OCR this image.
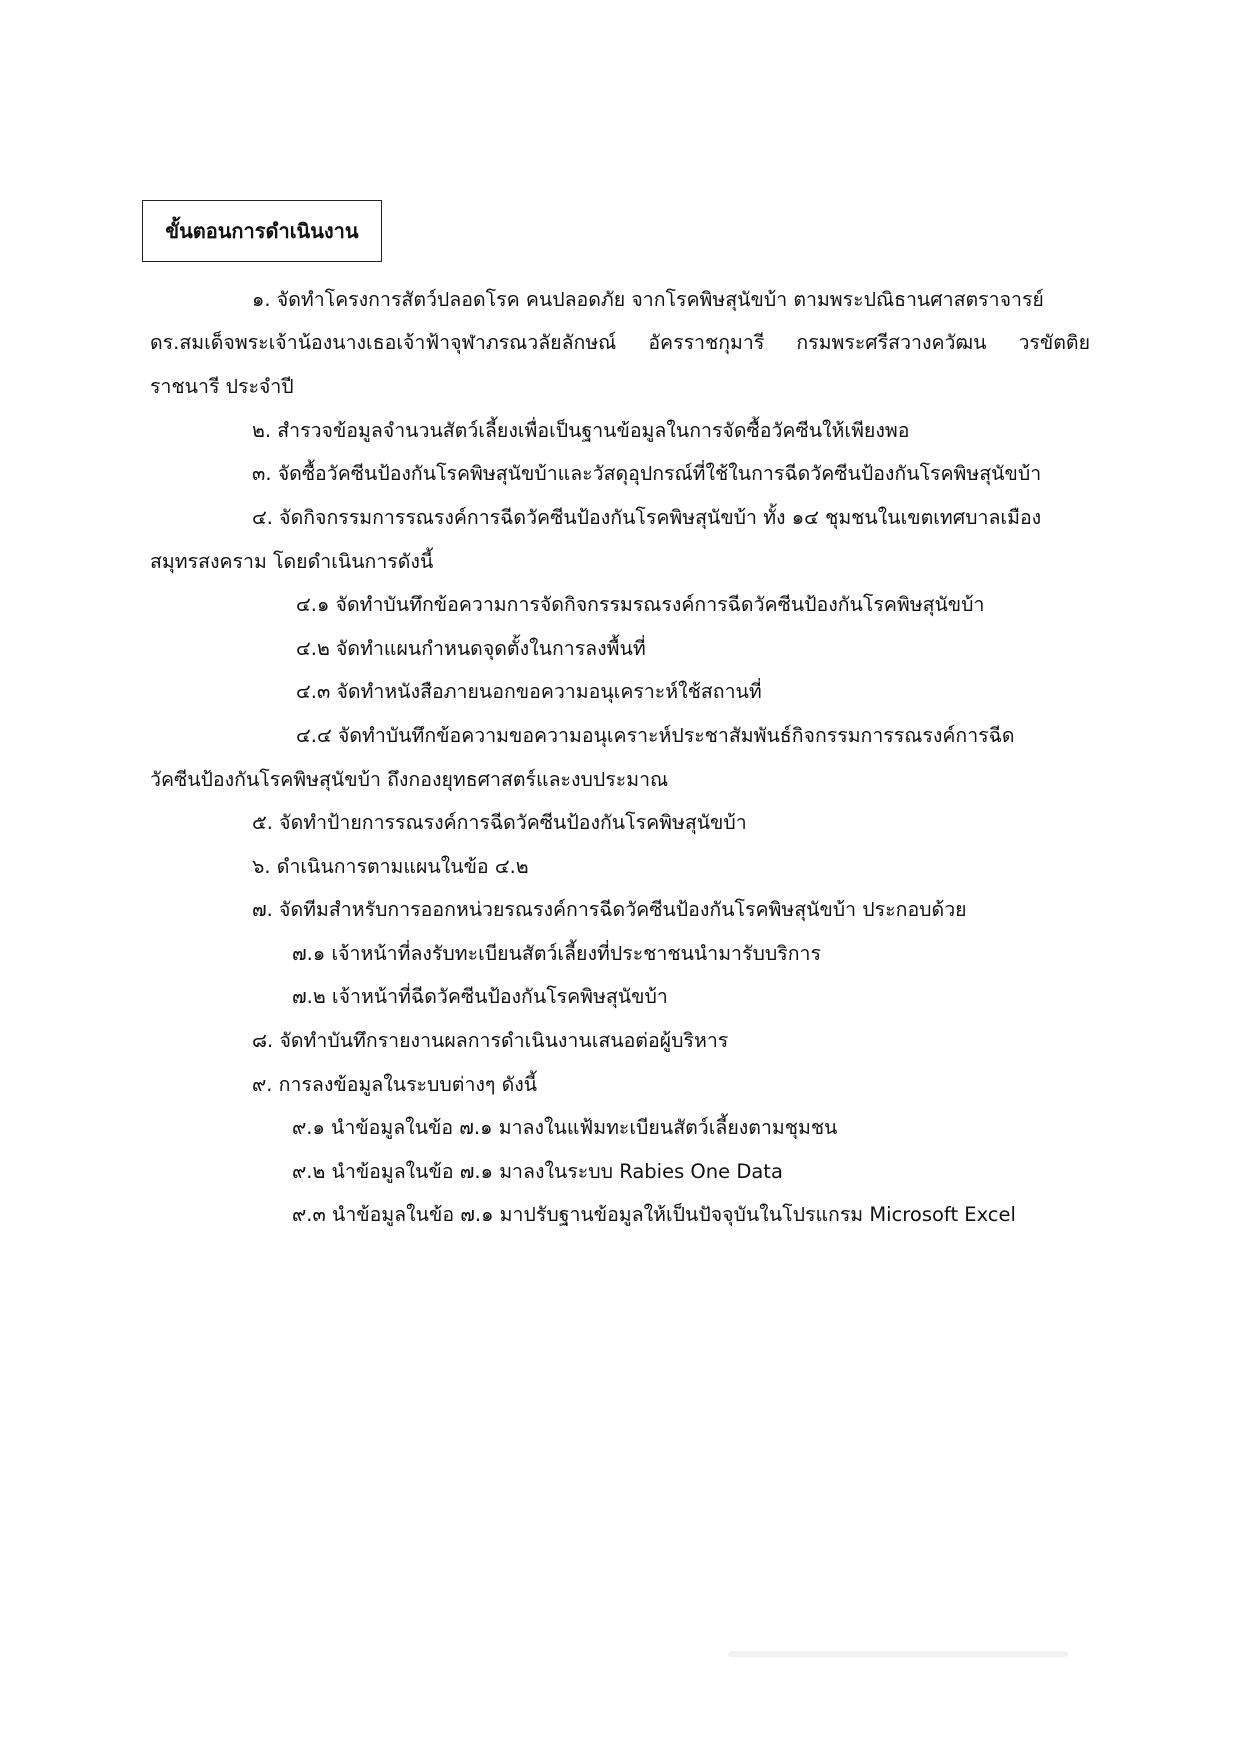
ขั้นตอนการดำเนินงาน
๑. จัดทำโครงการสัตว์ปลอดโรค คนปลอดภัย จากโรคพิษสุนัขบ้า ตามพระปณิธานศาสตราจารย์
ดร.สมเด็จพระเจ้าน้องนางเธอเจ้าฟ้าจุฬาภรณวลัยลักษณ์ อัครราชกุมารี กรมพระศรีสวางควัฒน วรขัตติย
ราชนารี ประจำปี
๒. สำรวจข้อมูลจำนวนสัตว์เลี้ยงเพื่อเป็นฐานข้อมูลในการจัดซื้อวัคซีนให้เพียงพอ
๓. จัดซื้อวัคซีนป้องกันโรคพิษสุนัขบ้าและวัสดุอุปกรณ์ที่ใช้ในการฉีดวัคซีนป้องกันโรคพิษสุนัขบ้า
๔. จัดกิจกรรมการรณรงค์การฉีดวัคซีนป้องกันโรคพิษสุนัขบ้า ทั้ง ๑๔ ชุมชนในเขตเทศบาลเมือง
สมุทรสงคราม โดยดำเนินการดังนี้
๔.๑ จัดทำบันทึกข้อความการจัดกิจกรรมรณรงค์การฉีดวัคซีนป้องกันโรคพิษสุนัขบ้า
๔.๒ จัดทำแผนกำหนดจุดตั้งในการลงพื้นที่
๔.๓ จัดทำหนังสือภายนอกขอความอนุเคราะห์ใช้สถานที่
๔.๔ จัดทำบันทึกข้อความขอความอนุเคราะห์ประชาสัมพันธ์กิจกรรมการรณรงค์การฉีด
วัคซีนป้องกันโรคพิษสุนัขบ้า ถึงกองยุทธศาสตร์และงบประมาณ
๕. จัดทำป้ายการรณรงค์การฉีดวัคซีนป้องกันโรคพิษสุนัขบ้า
๖. ดำเนินการตามแผนในข้อ ๔.๒
๗. จัดทีมสำหรับการออกหน่วยรณรงค์การฉีดวัคซีนป้องกันโรคพิษสุนัขบ้า ประกอบด้วย
๗.๑ เจ้าหน้าที่ลงรับทะเบียนสัตว์เลี้ยงที่ประชาชนนำมารับบริการ
๗.๒ เจ้าหน้าที่ฉีดวัคซีนป้องกันโรคพิษสุนัขบ้า
๘. จัดทำบันทึกรายงานผลการดำเนินงานเสนอต่อผู้บริหาร
๙. การลงข้อมูลในระบบต่างๆ ดังนี้
๙.๑ นำข้อมูลในข้อ ๗.๑ มาลงในแฟ้มทะเบียนสัตว์เลี้ยงตามชุมชน
๙.๒ นำข้อมูลในข้อ ๗.๑ มาลงในระบบ Rabies One Data
๙.๓ นำข้อมูลในข้อ ๗.๑ มาปรับฐานข้อมูลให้เป็นปัจจุบันในโปรแกรม Microsoft Excel
